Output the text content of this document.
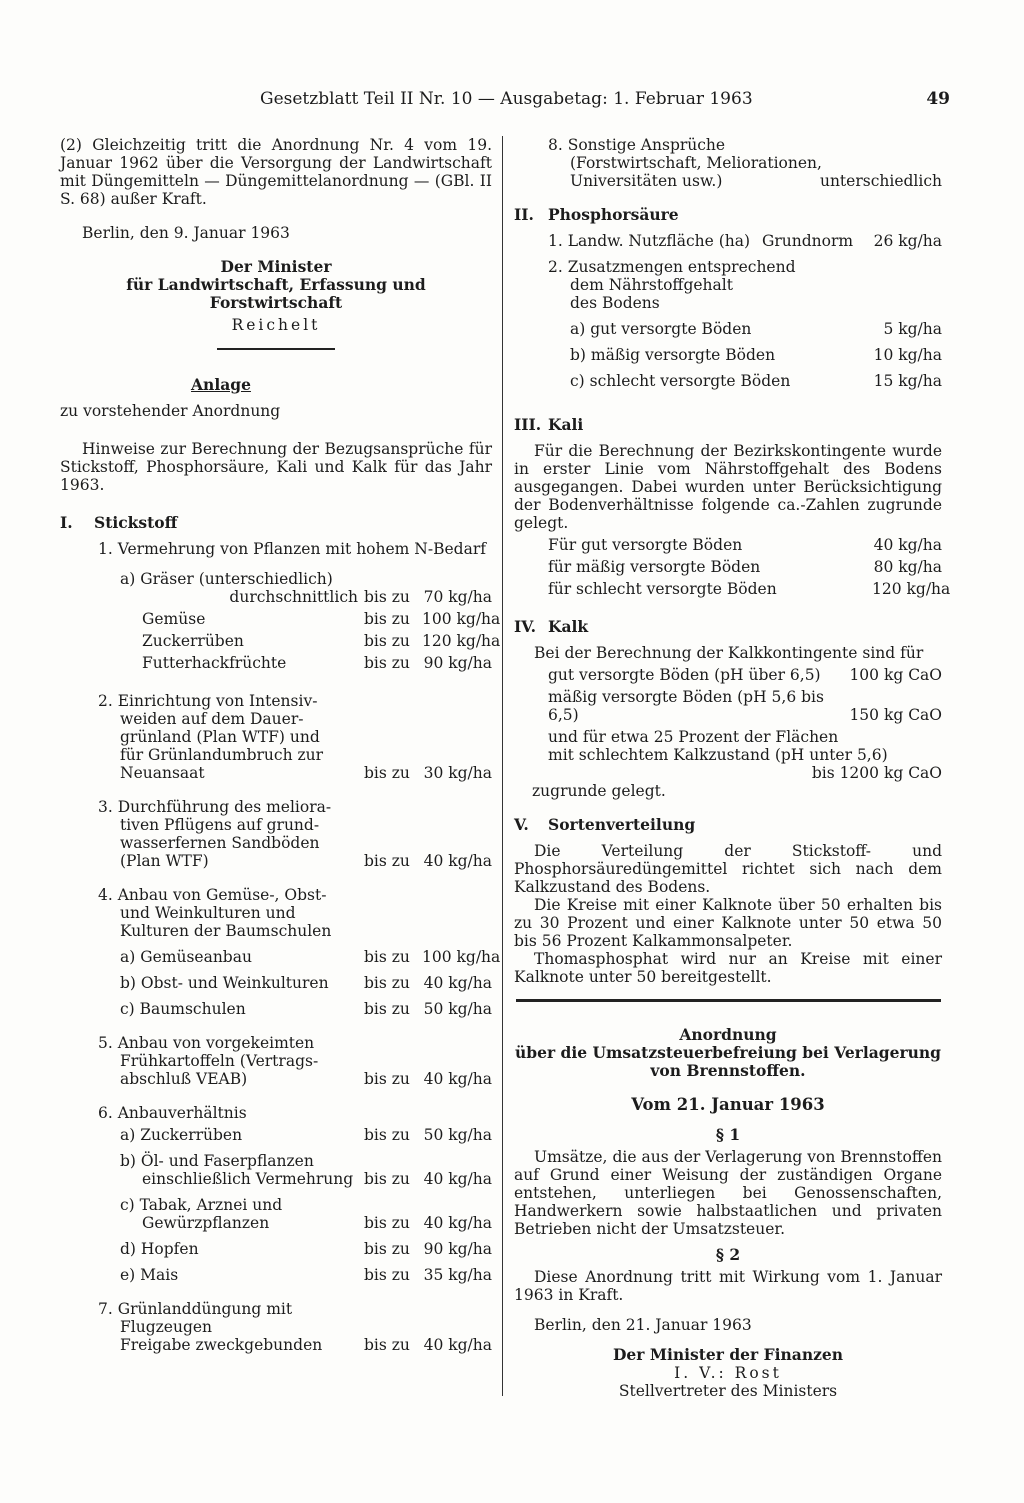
Gesetzblatt Teil II Nr. 10 — Ausgabetag: 1. Februar 1963	49

(2) Gleichzeitig tritt die Anordnung Nr. 4 vom 19. Januar 1962 über die Versorgung der Landwirtschaft mit Düngemitteln — Düngemittelanordnung — (GBl. II S. 68) außer Kraft.

Berlin, den 9. Januar 1963

Der Minister
für Landwirtschaft, Erfassung und
Forstwirtschaft
Reichelt
Anlage

zu vorstehender Anordnung

Hinweise zur Berechnung der Bezugsansprüche für Stickstoff, Phosphorsäure, Kali und Kalk für das Jahr 1963.

I.	Stickstoff

1. Vermehrung von Pflanzen mit hohem N-Bedarf

a) Gräser (unterschiedlich)
durchschnittlich bis zu 70 kg/ha
Gemüse	bis zu 100 kg/ha
Zuckerrüben	bis zu 120 kg/ha
Futterhackfrüchte	bis zu 90 kg/ha
2. Einrichtung von Intensiv-
weiden auf dem Dauer-
grünland (Plan WTF) und
für Grünlandumbruch zur
Neuansaat	bis zu 30 kg/ha
3. Durchführung des meliora-
tiven Pflügens auf grund-
wasserfernen Sandböden
(Plan WTF)	bis zu 40 kg/ha
4. Anbau von Gemüse-, Obst-
und Weinkulturen und
Kulturen der Baumschulen
a) Gemüseanbau	bis zu 100 kg/ha
b) Obst- und Weinkulturen	bis zu 40 kg/ha
c) Baumschulen	bis zu 50 kg/ha
5. Anbau von vorgekeimten
Frühkartoffeln (Vertrags-
abschluß VEAB)	bis zu 40 kg/ha
6. Anbauverhältnis
a) Zuckerrüben	bis zu 50 kg/ha
b) Öl- und Faserpflanzen
einschließlich Vermehrung bis zu 40 kg/ha
c) Tabak, Arznei und
Gewürzpflanzen	bis zu 40 kg/ha
d) Hopfen	bis zu 90 kg/ha
e) Mais	bis zu 35 kg/ha
7. Grünlanddüngung mit
Flugzeugen
Freigabe zweckgebunden	bis zu 40 kg/ha
8. Sonstige Ansprüche
(Forstwirtschaft, Meliorationen,
Universitäten usw.)	unterschiedlich
II. Phosphorsäure
1. Landw. Nutzfläche (ha) Grundnorm	26 kg/ha
2. Zusatzmengen entsprechend
dem Nährstoffgehalt
des Bodens
a) gut versorgte Böden	5 kg/ha
b) mäßig versorgte Böden	10 kg/ha
c) schlecht versorgte Böden	15 kg/ha
III. Kali

Für die Berechnung der Bezirkskontingente wurde in erster Linie vom Nährstoffgehalt des Bodens ausgegangen. Dabei wurden unter Berücksichtigung der Bodenverhältnisse folgende ca.-Zahlen zugrunde gelegt.

Für gut versorgte Böden	40 kg/ha
für mäßig versorgte Böden	80 kg/ha
für schlecht versorgte Böden	120 kg/ha
IV. Kalk

Bei der Berechnung der Kalkkontingente sind für

gut versorgte Böden (pH über 6,5)	100 kg CaO
mäßig versorgte Böden (pH 5,6 bis 6,5)	150 kg CaO
und für etwa 25 Prozent der Flächen
mit schlechtem Kalkzustand (pH unter 5,6)
bis 1200 kg CaO
zugrunde gelegt.
V.	Sortenverteilung

Die Verteilung der Stickstoff- und Phosphorsäuredüngemittel richtet sich nach dem Kalkzustand des Bodens.

Die Kreise mit einer Kalknote über 50 erhalten bis zu 30 Prozent und einer Kalknote unter 50 etwa 50 bis 56 Prozent Kalkammonsalpeter.

Thomasphosphat wird nur an Kreise mit einer Kalknote unter 50 bereitgestellt.

Anordnung
über die Umsatzsteuerbefreiung bei Verlagerung
von Brennstoffen.
Vom 21. Januar 1963
§ 1

Umsätze, die aus der Verlagerung von Brennstoffen auf Grund einer Weisung der zuständigen Organe entstehen, unterliegen bei Genossenschaften, Handwerkern sowie halbstaatlichen und privaten Betrieben nicht der Umsatzsteuer.

§ 2

Diese Anordnung tritt mit Wirkung vom 1. Januar 1963 in Kraft.

Berlin, den 21. Januar 1963

Der Minister der Finanzen
I. V.: Rost
Stellvertreter des Ministers
